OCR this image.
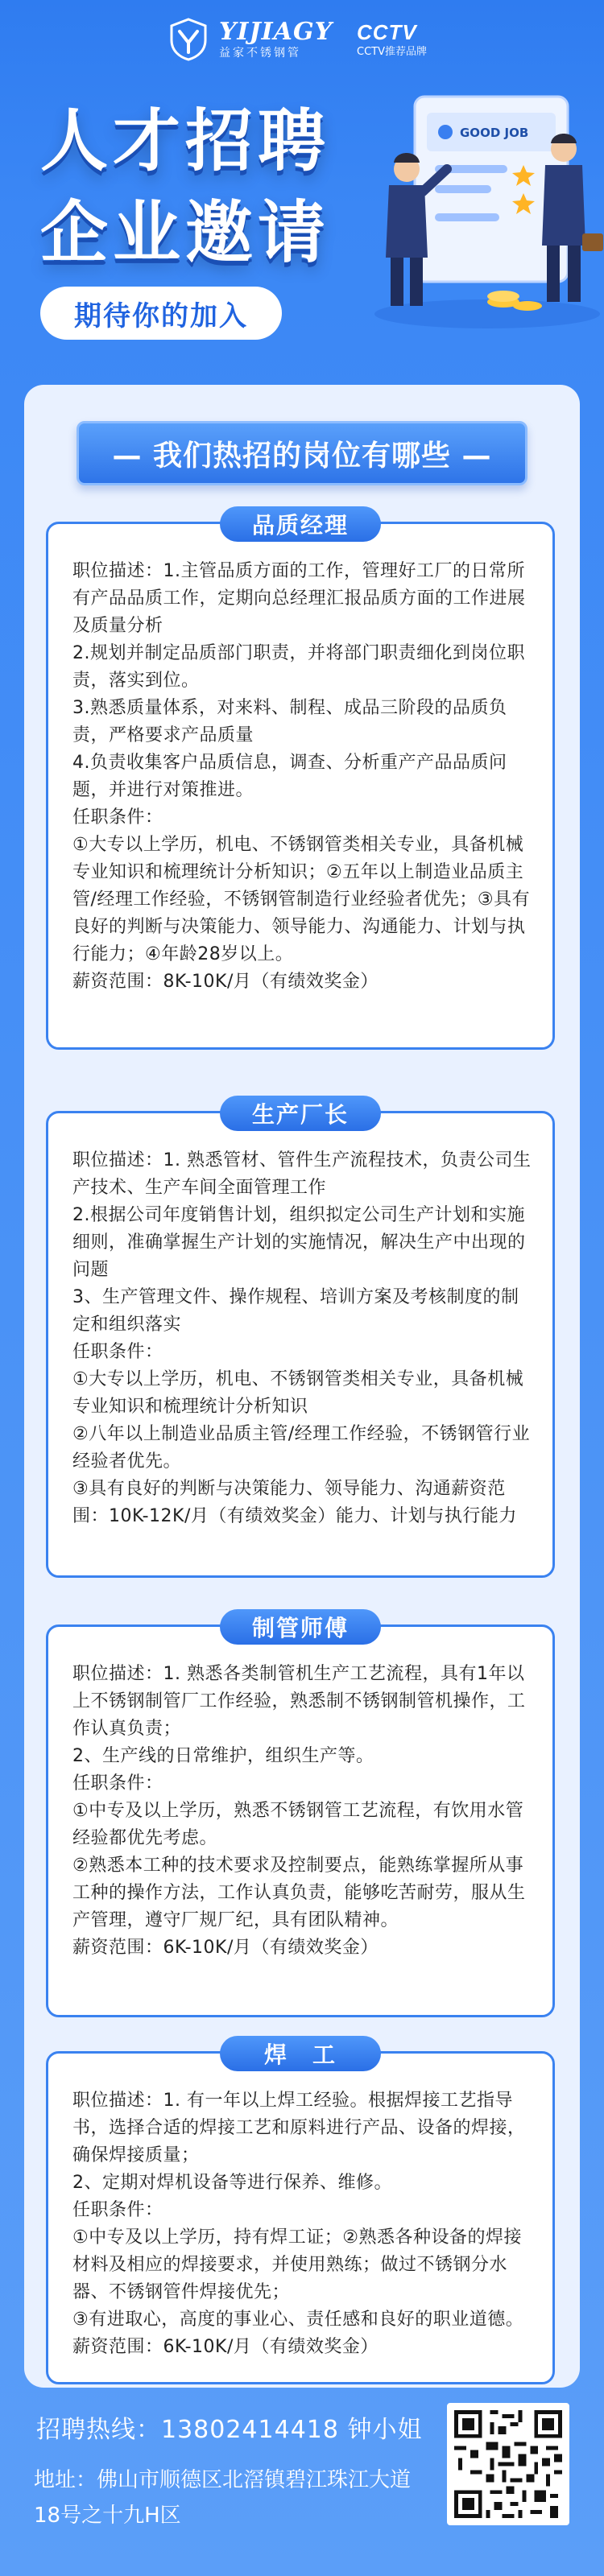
YIJIAGY
益家不锈钢管
CCTV
CCTV推荐品牌
人才招聘
企业邀请
期待你的加入
GOOD JOB
— 我们热招的岗位有哪些 —
品质经理

职位描述：1.主管品质方面的工作，管理好工厂的日常所有产品品质工作，定期向总经理汇报品质方面的工作进展及质量分析

2.规划并制定品质部门职责，并将部门职责细化到岗位职责，落实到位。

3.熟悉质量体系，对来料、制程、成品三阶段的品质负责，严格要求产品质量

4.负责收集客户品质信息，调查、分析重产产品品质问题，并进行对策推进。

任职条件：

①大专以上学历，机电、不锈钢管类相关专业，具备机械专业知识和梳理统计分析知识；②五年以上制造业品质主管/经理工作经验，不锈钢管制造行业经验者优先；③具有良好的判断与决策能力、领导能力、沟通能力、计划与执行能力；④年龄28岁以上。

薪资范围：8K-10K/月（有绩效奖金）

生产厂长

职位描述：1. 熟悉管材、管件生产流程技术，负责公司生产技术、生产车间全面管理工作

2.根据公司年度销售计划，组织拟定公司生产计划和实施细则，准确掌握生产计划的实施情况，解决生产中出现的问题

3、生产管理文件、操作规程、培训方案及考核制度的制定和组织落实

任职条件：

①大专以上学历，机电、不锈钢管类相关专业，具备机械专业知识和梳理统计分析知识

②八年以上制造业品质主管/经理工作经验，不锈钢管行业经验者优先。

③具有良好的判断与决策能力、领导能力、沟通薪资范围：10K-12K/月（有绩效奖金）能力、计划与执行能力

制管师傅

职位描述：1. 熟悉各类制管机生产工艺流程，具有1年以上不锈钢制管厂工作经验，熟悉制不锈钢制管机操作，工作认真负责；

2、生产线的日常维护，组织生产等。

任职条件：

①中专及以上学历，熟悉不锈钢管工艺流程，有饮用水管经验都优先考虑。

②熟悉本工种的技术要求及控制要点，能熟练掌握所从事工种的操作方法，工作认真负责，能够吃苦耐劳，服从生产管理，遵守厂规厂纪，具有团队精神。

薪资范围：6K-10K/月（有绩效奖金）

焊　工

职位描述：1. 有一年以上焊工经验。根据焊接工艺指导书，选择合适的焊接工艺和原料进行产品、设备的焊接，确保焊接质量；

2、定期对焊机设备等进行保养、维修。

任职条件：

①中专及以上学历，持有焊工证；②熟悉各种设备的焊接材料及相应的焊接要求，并使用熟练；做过不锈钢分水器、不锈钢管件焊接优先；

③有进取心，高度的事业心、责任感和良好的职业道德。

薪资范围：6K-10K/月（有绩效奖金）

招聘热线：13802414418 钟小姐
地址：佛山市顺德区北滘镇碧江珠江大道
18号之十九H区
